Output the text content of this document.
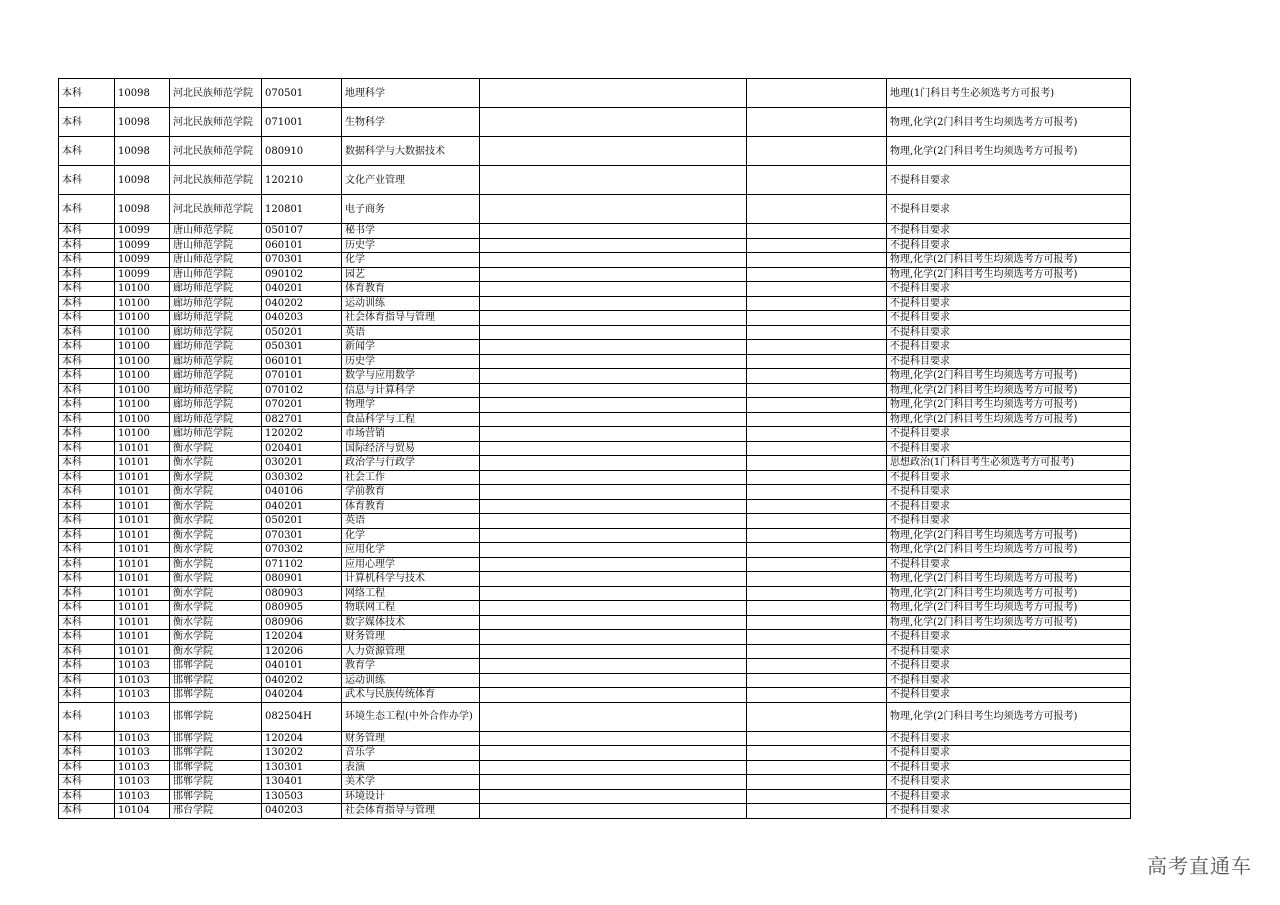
本科	10098	河北民族师范学院	070501	地理科学			地理(1门科目考生必须选考方可报考)
本科	10098	河北民族师范学院	071001	生物科学			物理,化学(2门科目考生均须选考方可报考)
本科	10098	河北民族师范学院	080910	数据科学与大数据技术			物理,化学(2门科目考生均须选考方可报考)
本科	10098	河北民族师范学院	120210	文化产业管理			不提科目要求
本科	10098	河北民族师范学院	120801	电子商务			不提科目要求
本科	10099	唐山师范学院	050107	秘书学			不提科目要求
本科	10099	唐山师范学院	060101	历史学			不提科目要求
本科	10099	唐山师范学院	070301	化学			物理,化学(2门科目考生均须选考方可报考)
本科	10099	唐山师范学院	090102	园艺			物理,化学(2门科目考生均须选考方可报考)
本科	10100	廊坊师范学院	040201	体育教育			不提科目要求
本科	10100	廊坊师范学院	040202	运动训练			不提科目要求
本科	10100	廊坊师范学院	040203	社会体育指导与管理			不提科目要求
本科	10100	廊坊师范学院	050201	英语			不提科目要求
本科	10100	廊坊师范学院	050301	新闻学			不提科目要求
本科	10100	廊坊师范学院	060101	历史学			不提科目要求
本科	10100	廊坊师范学院	070101	数学与应用数学			物理,化学(2门科目考生均须选考方可报考)
本科	10100	廊坊师范学院	070102	信息与计算科学			物理,化学(2门科目考生均须选考方可报考)
本科	10100	廊坊师范学院	070201	物理学			物理,化学(2门科目考生均须选考方可报考)
本科	10100	廊坊师范学院	082701	食品科学与工程			物理,化学(2门科目考生均须选考方可报考)
本科	10100	廊坊师范学院	120202	市场营销			不提科目要求
本科	10101	衡水学院	020401	国际经济与贸易			不提科目要求
本科	10101	衡水学院	030201	政治学与行政学			思想政治(1门科目考生必须选考方可报考)
本科	10101	衡水学院	030302	社会工作			不提科目要求
本科	10101	衡水学院	040106	学前教育			不提科目要求
本科	10101	衡水学院	040201	体育教育			不提科目要求
本科	10101	衡水学院	050201	英语			不提科目要求
本科	10101	衡水学院	070301	化学			物理,化学(2门科目考生均须选考方可报考)
本科	10101	衡水学院	070302	应用化学			物理,化学(2门科目考生均须选考方可报考)
本科	10101	衡水学院	071102	应用心理学			不提科目要求
本科	10101	衡水学院	080901	计算机科学与技术			物理,化学(2门科目考生均须选考方可报考)
本科	10101	衡水学院	080903	网络工程			物理,化学(2门科目考生均须选考方可报考)
本科	10101	衡水学院	080905	物联网工程			物理,化学(2门科目考生均须选考方可报考)
本科	10101	衡水学院	080906	数字媒体技术			物理,化学(2门科目考生均须选考方可报考)
本科	10101	衡水学院	120204	财务管理			不提科目要求
本科	10101	衡水学院	120206	人力资源管理			不提科目要求
本科	10103	邯郸学院	040101	教育学			不提科目要求
本科	10103	邯郸学院	040202	运动训练			不提科目要求
本科	10103	邯郸学院	040204	武术与民族传统体育			不提科目要求
本科	10103	邯郸学院	082504H	环境生态工程(中外合作办学)			物理,化学(2门科目考生均须选考方可报考)
本科	10103	邯郸学院	120204	财务管理			不提科目要求
本科	10103	邯郸学院	130202	音乐学			不提科目要求
本科	10103	邯郸学院	130301	表演			不提科目要求
本科	10103	邯郸学院	130401	美术学			不提科目要求
本科	10103	邯郸学院	130503	环境设计			不提科目要求
本科	10104	邢台学院	040203	社会体育指导与管理			不提科目要求
高考直通车
